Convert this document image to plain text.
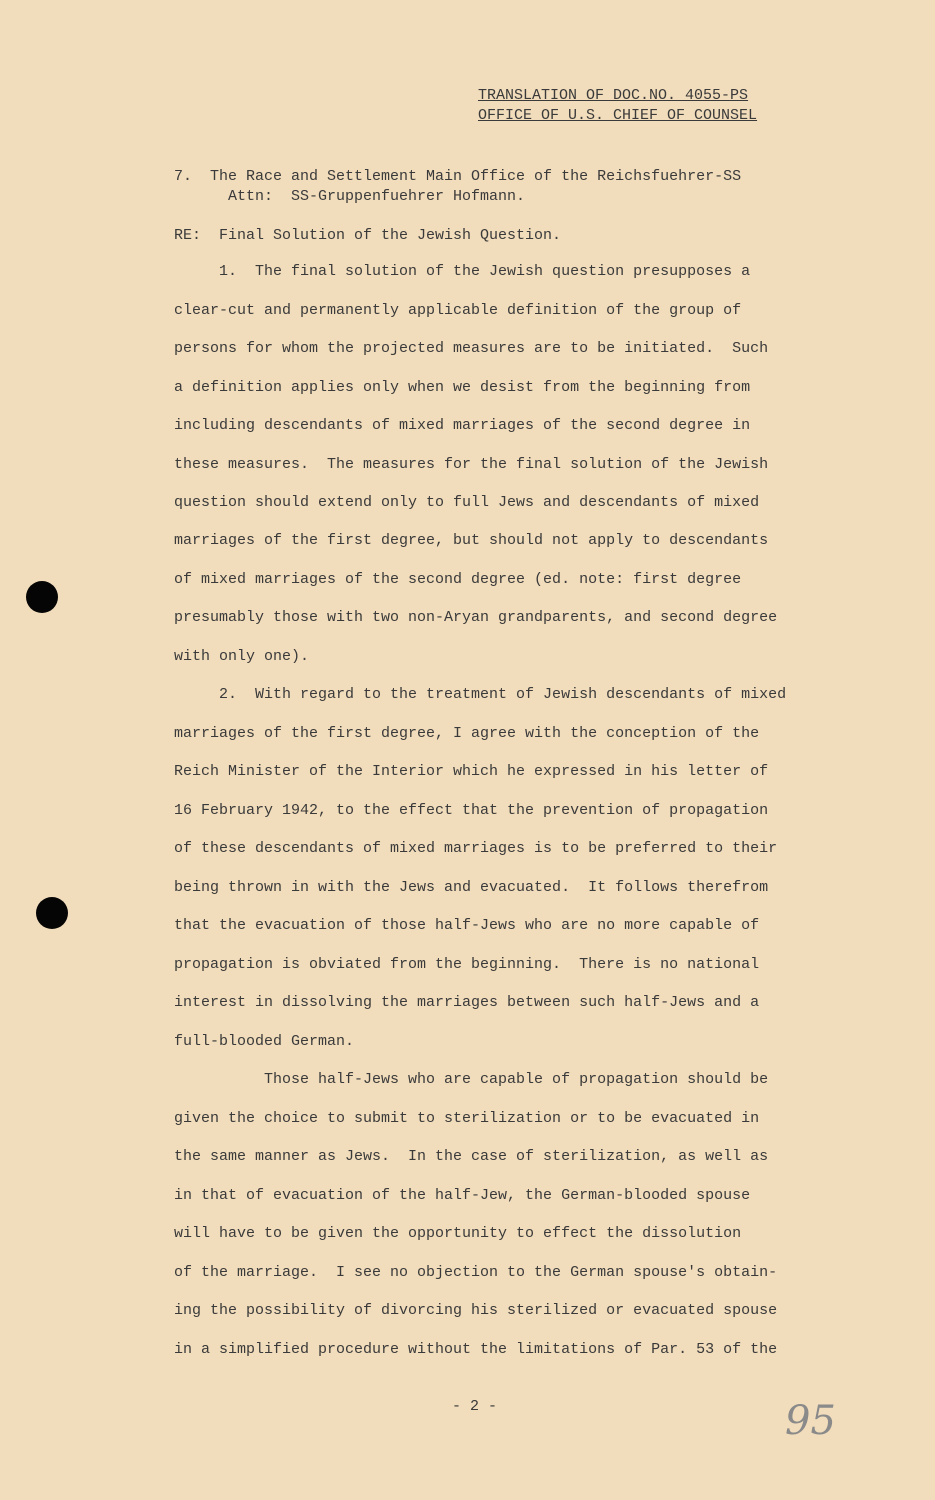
TRANSLATION OF DOC.NO. 4055-PS
OFFICE OF U.S. CHIEF OF COUNSEL
7.  The Race and Settlement Main Office of the Reichsfuehrer-SS
Attn:  SS-Gruppenfuehrer Hofmann.
RE:  Final Solution of the Jewish Question.
1.  The final solution of the Jewish question presupposes a
clear-cut and permanently applicable definition of the group of
persons for whom the projected measures are to be initiated.  Such
a definition applies only when we desist from the beginning from
including descendants of mixed marriages of the second degree in
these measures.  The measures for the final solution of the Jewish
question should extend only to full Jews and descendants of mixed
marriages of the first degree, but should not apply to descendants
of mixed marriages of the second degree (ed. note: first degree
presumably those with two non-Aryan grandparents, and second degree
with only one).
2.  With regard to the treatment of Jewish descendants of mixed
marriages of the first degree, I agree with the conception of the
Reich Minister of the Interior which he expressed in his letter of
16 February 1942, to the effect that the prevention of propagation
of these descendants of mixed marriages is to be preferred to their
being thrown in with the Jews and evacuated.  It follows therefrom
that the evacuation of those half-Jews who are no more capable of
propagation is obviated from the beginning.  There is no national
interest in dissolving the marriages between such half-Jews and a
full-blooded German.
Those half-Jews who are capable of propagation should be
given the choice to submit to sterilization or to be evacuated in
the same manner as Jews.  In the case of sterilization, as well as
in that of evacuation of the half-Jew, the German-blooded spouse
will have to be given the opportunity to effect the dissolution
of the marriage.  I see no objection to the German spouse's obtain-
ing the possibility of divorcing his sterilized or evacuated spouse
in a simplified procedure without the limitations of Par. 53 of the
- 2 -	95
